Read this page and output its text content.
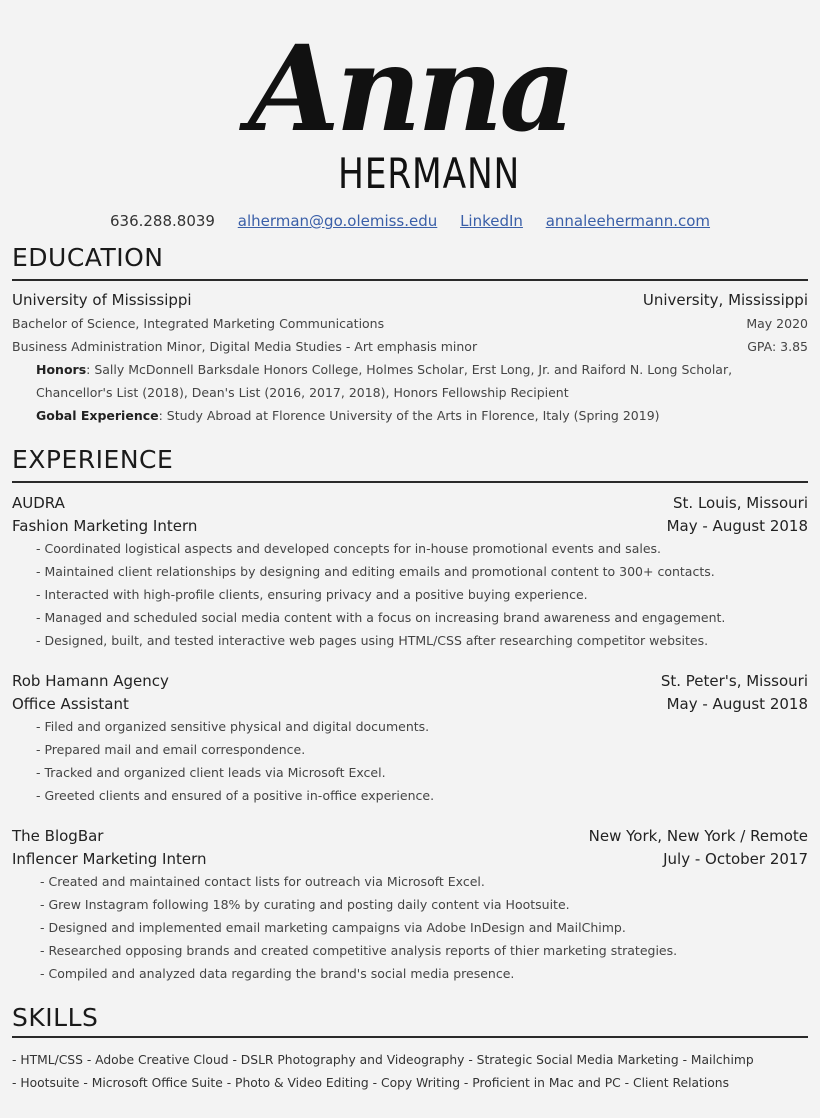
Anna
HERMANN
636.288.8039 alherman@go.olemiss.edu LinkedIn annaleehermann.com
EDUCATION
University of Mississippi	University, Mississippi
Bachelor of Science, Integrated Marketing Communications	May 2020
Business Administration Minor, Digital Media Studies - Art emphasis minor	GPA: 3.85
Honors: Sally McDonnell Barksdale Honors College, Holmes Scholar, Erst Long, Jr. and Raiford N. Long Scholar,
Chancellor's List (2018), Dean's List (2016, 2017, 2018), Honors Fellowship Recipient
Gobal Experience: Study Abroad at Florence University of the Arts in Florence, Italy (Spring 2019)
EXPERIENCE
AUDRA	St. Louis, Missouri
Fashion Marketing Intern	May - August 2018
- Coordinated logistical aspects and developed concepts for in-house promotional events and sales.
- Maintained client relationships by designing and editing emails and promotional content to 300+ contacts.
- Interacted with high-profile clients, ensuring privacy and a positive buying experience.
- Managed and scheduled social media content with a focus on increasing brand awareness and engagement.
- Designed, built, and tested interactive web pages using HTML/CSS after researching competitor websites.
Rob Hamann Agency	St. Peter's, Missouri
Office Assistant	May - August 2018
- Filed and organized sensitive physical and digital documents.
- Prepared mail and email correspondence.
- Tracked and organized client leads via Microsoft Excel.
- Greeted clients and ensured of a positive in-office experience.
The BlogBar	New York, New York / Remote
Inflencer Marketing Intern	July - October 2017
- Created and maintained contact lists for outreach via Microsoft Excel.
- Grew Instagram following 18% by curating and posting daily content via Hootsuite.
- Designed and implemented email marketing campaigns via Adobe InDesign and MailChimp.
- Researched opposing brands and created competitive analysis reports of thier marketing strategies.
- Compiled and analyzed data regarding the brand's social media presence.
SKILLS
- HTML/CSS - Adobe Creative Cloud - DSLR Photography and Videography - Strategic Social Media Marketing - Mailchimp
- Hootsuite - Microsoft Office Suite - Photo & Video Editing - Copy Writing - Proficient in Mac and PC - Client Relations
